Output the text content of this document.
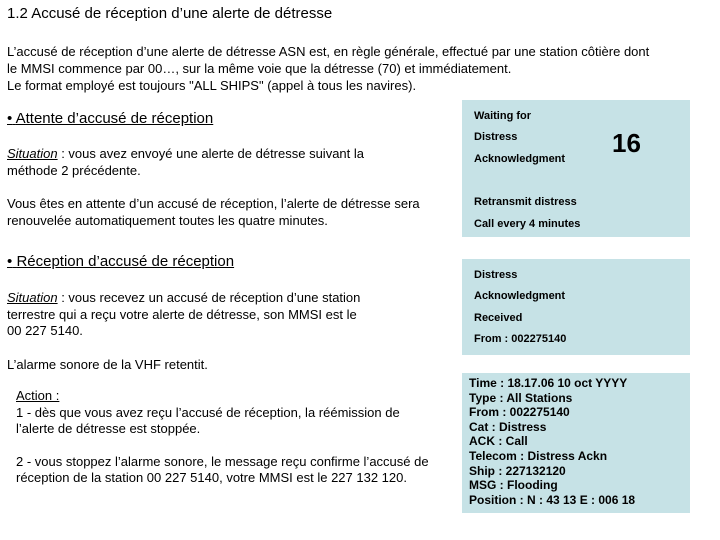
1.2 Accusé de réception d’une alerte de détresse
L’accusé de réception d’une alerte de détresse ASN est, en règle générale, effectué par une station côtière dont
le MMSI commence par 00…, sur la même voie que la détresse (70) et immédiatement.
Le format employé est toujours "ALL SHIPS" (appel à tous les navires).
• Attente d’accusé de réception
Situation : vous avez envoyé une alerte de détresse suivant la méthode 2 précédente.
Vous êtes en attente d’un accusé de réception, l’alerte de détresse sera renouvelée automatiquement toutes les quatre minutes.
• Réception d’accusé de réception
Situation : vous recevez un accusé de réception d’une station terrestre qui a reçu votre alerte de détresse, son MMSI est le 00 227 5140.
L’alarme sonore de la VHF retentit.
Action :
1 - dès que vous avez reçu l’accusé de réception, la réémission de l’alerte de détresse est stoppée.
2 - vous stoppez l’alarme sonore, le message reçu confirme l’accusé de réception de la station 00 227 5140, votre MMSI est le 227 132 120.
Waiting for
Distress
Acknowledgment
Retransmit distress
Call every 4 minutes
16
Distress
Acknowledgment
Received
From : 002275140
Time : 18.17.06 10 oct YYYY
Type : All Stations
From : 002275140
Cat : Distress
ACK : Call
Telecom : Distress Ackn
Ship : 227132120
MSG : Flooding
Position : N : 43 13 E : 006 18
